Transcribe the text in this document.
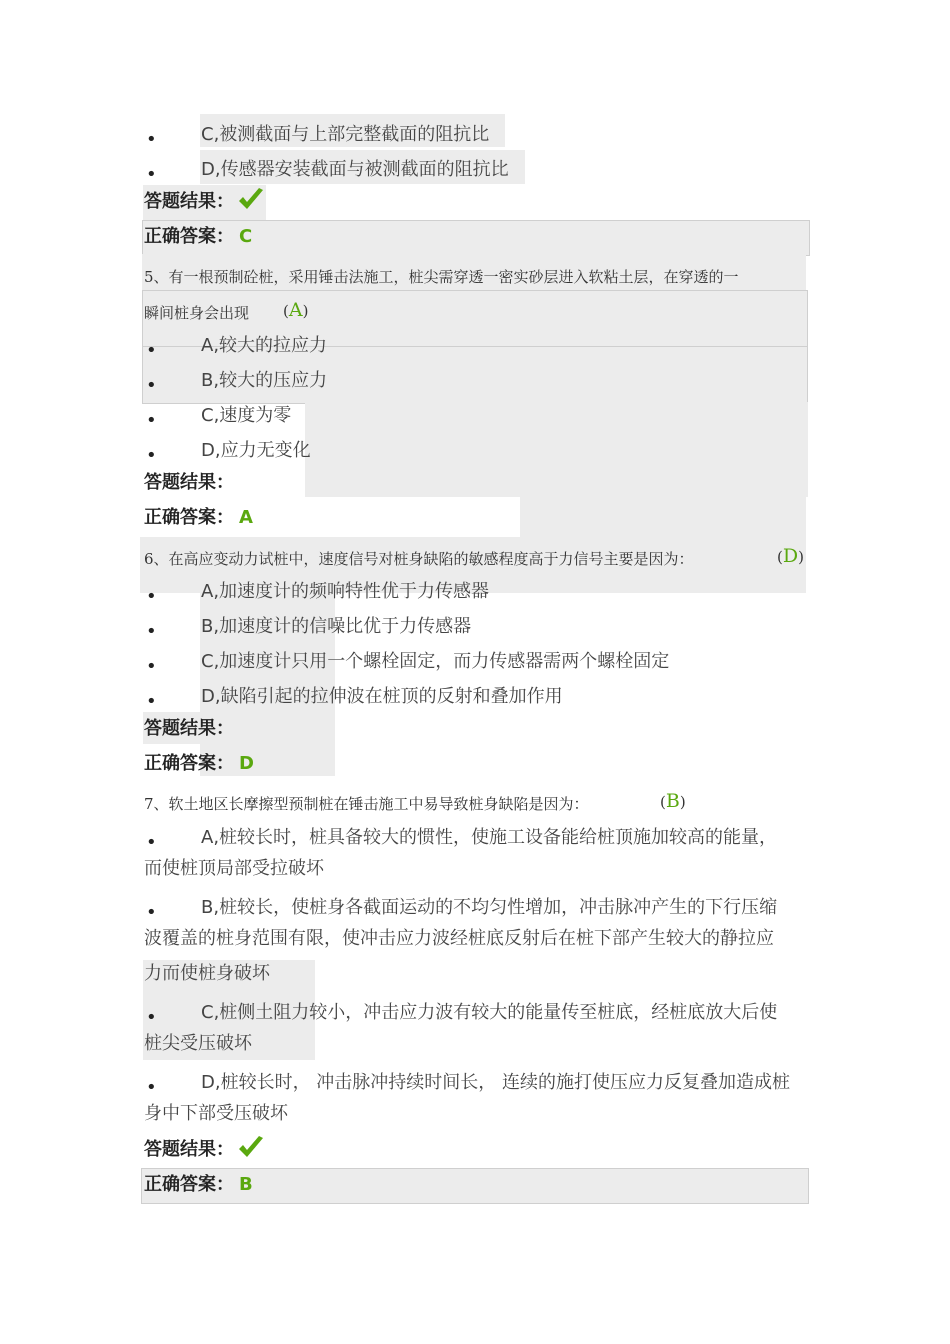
• C,被测截面与上部完整截面的阻抗比
• D,传感器安装截面与被测截面的阻抗比
答题结果：
正确答案： C
5、有一根预制砼桩，采用锤击法施工，桩尖需穿透一密实砂层进入软粘土层，在穿透的一
瞬间桩身会出现 (A)
• A,较大的拉应力
• B,较大的压应力
• C,速度为零
• D,应力无变化
答题结果：
正确答案： A
6、在高应变动力试桩中，速度信号对桩身缺陷的敏感程度高于力信号主要是因为：	(D)
• A,加速度计的频响特性优于力传感器
• B,加速度计的信噪比优于力传感器
• C,加速度计只用一个螺栓固定，而力传感器需两个螺栓固定
• D,缺陷引起的拉伸波在桩顶的反射和叠加作用
答题结果：
正确答案： D
7、软土地区长摩擦型预制桩在锤击施工中易导致桩身缺陷是因为：	(B)
• A,桩较长时，桩具备较大的惯性，使施工设备能给桩顶施加较高的能量，
而使桩顶局部受拉破坏
• B,桩较长，使桩身各截面运动的不均匀性增加，冲击脉冲产生的下行压缩
波覆盖的桩身范围有限，使冲击应力波经桩底反射后在桩下部产生较大的静拉应
力而使桩身破坏
• C,桩侧土阻力较小，冲击应力波有较大的能量传至桩底，经桩底放大后使
桩尖受压破坏
• D,桩较长时， 冲击脉冲持续时间长， 连续的施打使压应力反复叠加造成桩
身中下部受压破坏
答题结果：
正确答案： B
